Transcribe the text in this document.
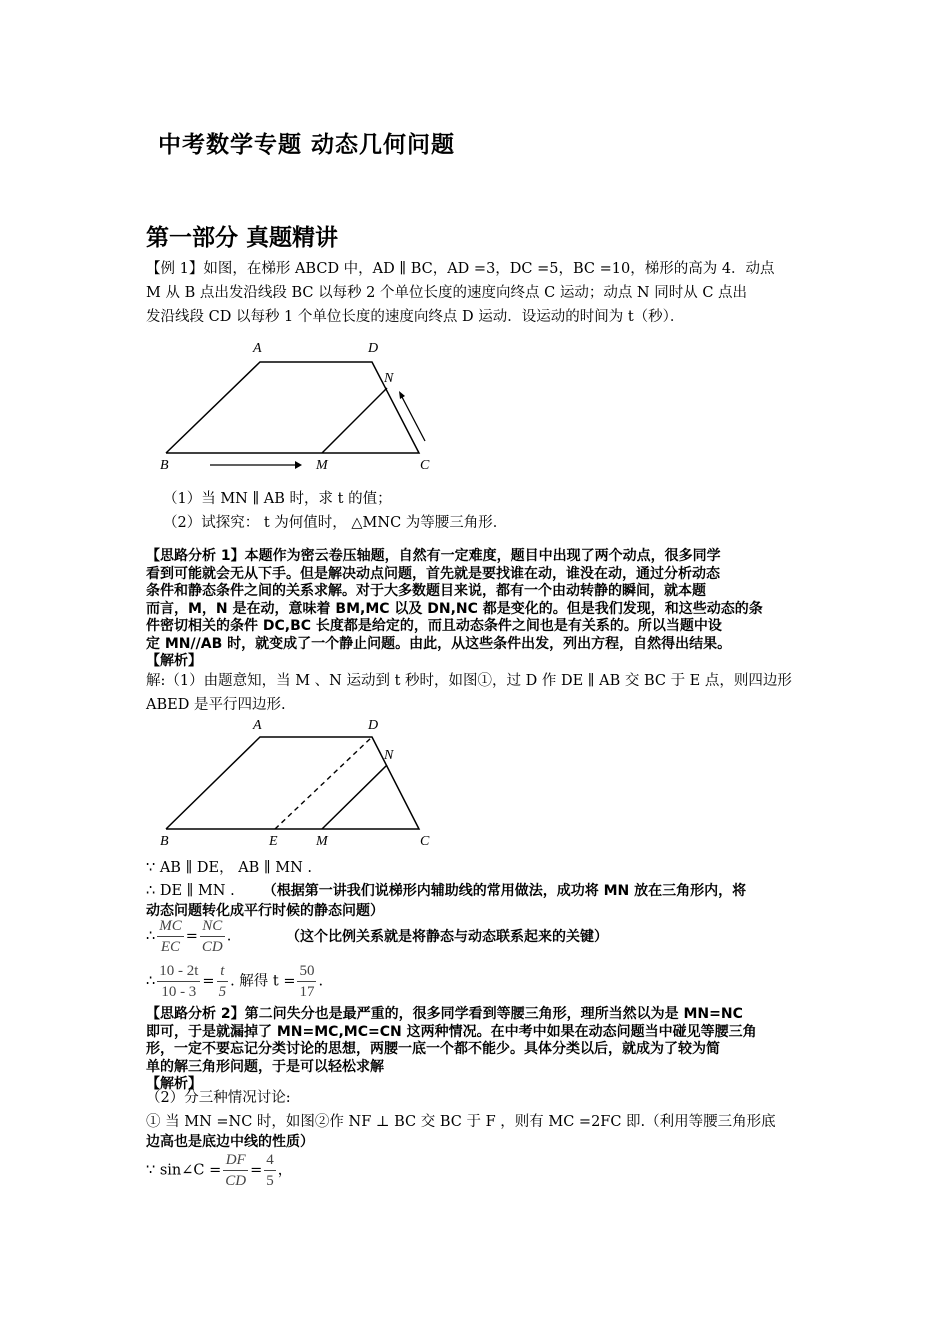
中考数学专题 动态几何问题
第一部分 真题精讲
【例 1】如图，在梯形 ABCD 中，AD ∥ BC，AD =3，DC =5，BC =10，梯形的高为 4．动点
M 从 B 点出发沿线段 BC 以每秒 2 个单位长度的速度向终点 C 运动；动点 N 同时从 C 点出
发沿线段 CD 以每秒 1 个单位长度的速度向终点 D 运动．设运动的时间为 t（秒）．
A	D
N
B	M	C
（1）当 MN ∥ AB 时，求 t 的值；
（2）试探究： t 为何值时， △MNC 为等腰三角形．
【思路分析 1】本题作为密云卷压轴题，自然有一定难度，题目中出现了两个动点，很多同学
看到可能就会无从下手。但是解决动点问题，首先就是要找谁在动，谁没在动，通过分析动态
条件和静态条件之间的关系求解。对于大多数题目来说，都有一个由动转静的瞬间，就本题
而言，M，N 是在动，意味着 BM,MC 以及 DN,NC 都是变化的。但是我们发现，和这些动态的条
件密切相关的条件 DC,BC 长度都是给定的，而且动态条件之间也是有关系的。所以当题中设
定 MN//AB 时，就变成了一个静止问题。由此，从这些条件出发，列出方程，自然得出结果。
【解析】
解:（1）由题意知，当 M 、N 运动到 t 秒时，如图①，过 D 作 DE ∥ AB 交 BC 于 E 点，则四边形
ABED 是平行四边形.
A	D
N
B	E	M	C
∵ AB ∥ DE， AB ∥ MN .
∴ DE ∥ MN . （根据第一讲我们说梯形内辅助线的常用做法，成功将 MN 放在三角形内，将
动态问题转化成平行时候的静态问题）
∴ $\frac{MC}{EC} = \frac{NC}{CD}$ .	（这个比例关系就是将静态与动态联系起来的关键）
∴ $\frac{10 - 2t}{10 - 3} = \frac{t}{5}$ . 解得 $t = \frac{50}{17}$ .
【思路分析 2】第二问失分也是最严重的，很多同学看到等腰三角形，理所当然以为是 MN=NC
即可，于是就漏掉了 MN=MC,MC=CN 这两种情况。在中考中如果在动态问题当中碰见等腰三角
形，一定不要忘记分类讨论的思想，两腰一底一个都不能少。具体分类以后，就成为了较为简
单的解三角形问题，于是可以轻松求解
【解析】
（2）分三种情况讨论:
① 当 MN =NC 时，如图②作 NF ⊥ BC 交 BC 于 F ，则有 MC =2FC 即.（利用等腰三角形底
边高也是底边中线的性质）
∵ sin∠C = $\frac{DF}{CD} = \frac{4}{5}$ ，
